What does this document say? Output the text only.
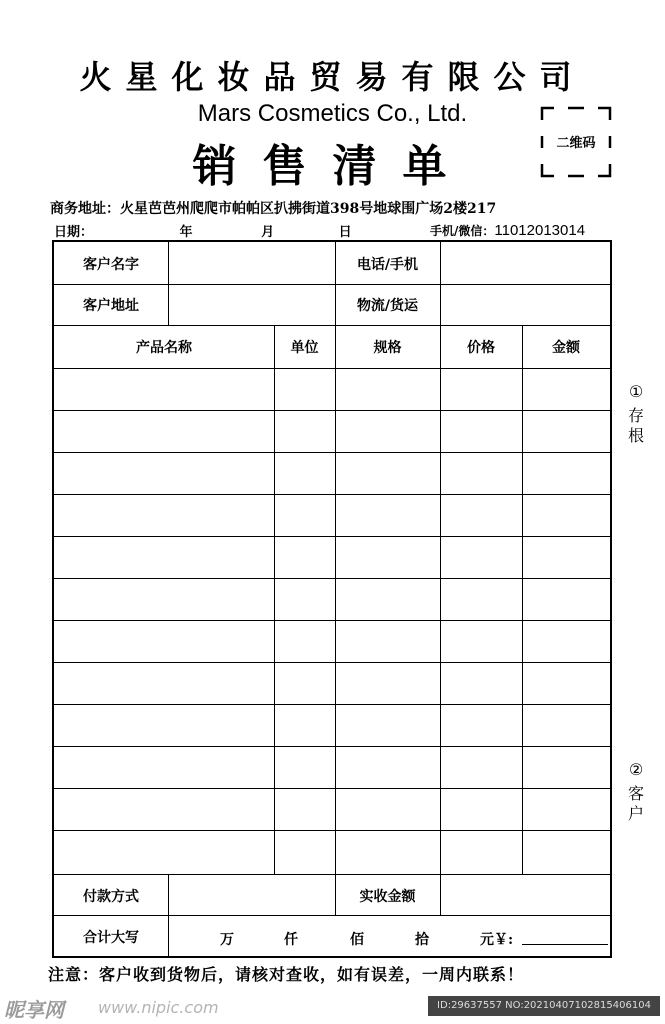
火星化妆品贸易有限公司
Mars Cosmetics Co., Ltd.
销售清单	二维码
商务地址：火星芭芭州爬爬市帕帕区扒拂街道398号地球围广场2楼217
日期：	年	月	日	手机/微信：11012013014
客户名字	电话/手机
客户地址	物流/货运
产品名称	单位	规格	价格	金额
付款方式	实收金额
合计大写	万	仟	佰	拾	元￥:
①
存根
②
客户
注意：客户收到货物后，请核对查收，如有误差，一周内联系！
昵享网 www.nipic.com	ID:29637557 NO:20210407102815406104
